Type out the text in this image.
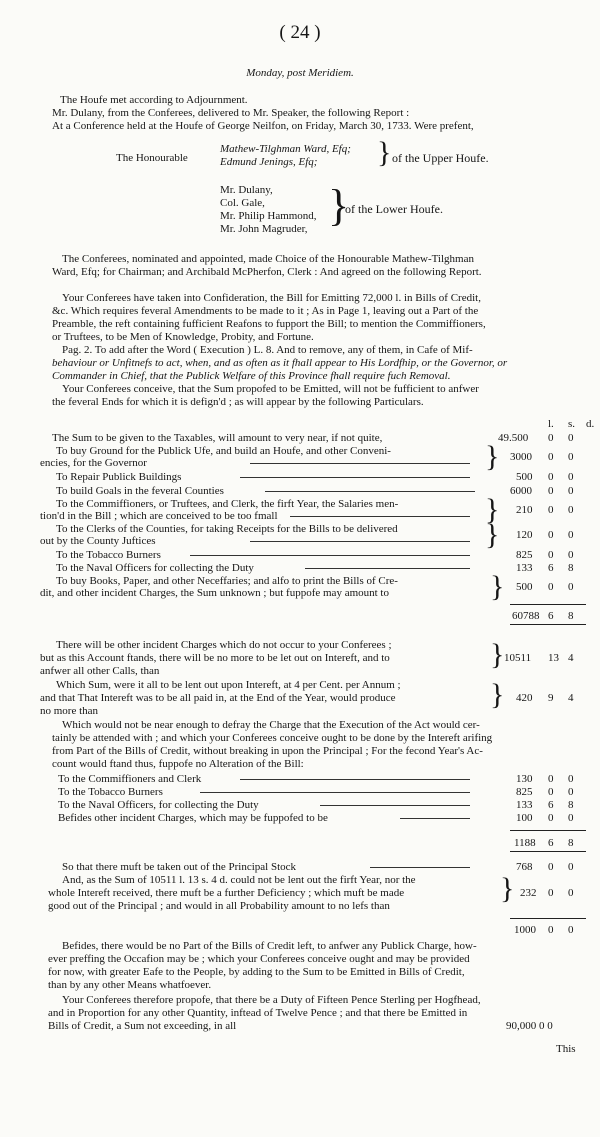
( 24 )
Monday, post Meridiem.
The Houfe met according to Adjournment.
Mr. Dulany, from the Conferees, delivered to Mr. Speaker, the following Report :
At a Conference held at the Houfe of George Neilfon, on Friday, March 30, 1733. Were prefent,
The Honourable
Mathew-Tilghman Ward, Efq;
Edmund Jenings, Efq; } of the Upper Houfe.
Mr. Dulany,
Col. Gale,
Mr. Philip Hammond,
Mr. John Magruder, }
of the Lower Houfe.
The Conferees, nominated and appointed, made Choice of the Honourable Mathew-Tilghman
Ward, Efq; for Chairman; and Archibald McPherfon, Clerk : And agreed on the following Report.
Your Conferees have taken into Confideration, the Bill for Emitting 72,000 l. in Bills of Credit,
&c. Which requires feveral Amendments to be made to it ; As in Page 1, leaving out a Part of the
Preamble, the reft containing fufficient Reafons to fupport the Bill; to mention the Commiffioners,
or Truftees, to be Men of Knowledge, Probity, and Fortune.
Pag. 2. To add after the Word ( Execution ) L. 8. And to remove, any of them, in Cafe of Mif-
behaviour or Unfitnefs to act, when, and as often as it fhall appear to His Lordfhip, or the Governor, or
Commander in Chief, that the Publick Welfare of this Province fhall require fuch Removal.
Your Conferees conceive, that the Sum propofed to be Emitted, will not be fufficient to anfwer
the feveral Ends for which it is defign'd ; as will appear by the following Particulars.
l. s. d.
The Sum to be given to the Taxables, will amount to very near, if not quite,	49.500 0 0
To buy Ground for the Publick Ufe, and build an Houfe, and other Conveni-
encies, for the Governor	} 3000 0 0
To Repair Publick Buildings	500 0 0
To build Goals in the feveral Counties	6000 0 0
To the Commiffioners, or Truftees, and Clerk, the firft Year, the Salaries men-
tion'd in the Bill ; which are conceived to be too fmall	} 210 0 0
To the Clerks of the Counties, for taking Receipts for the Bills to be delivered
out by the County Juftices	} 120 0 0
To the Tobacco Burners	825 0 0
To the Naval Officers for collecting the Duty	133 6 8
To buy Books, Paper, and other Neceffaries; and alfo to print the Bills of Cre-
dit, and other incident Charges, the Sum unknown ; but fuppofe may amount to	} 500 0 0
60788 6 8
There will be other incident Charges which do not occur to your Conferees ;
but as this Account ftands, there will be no more to be let out on Intereft, and to
anfwer all other Calls, than	} 10511 13 4
Which Sum, were it all to be lent out upon Intereft, at 4 per Cent. per Annum ;
and that That Intereft was to be all paid in, at the End of the Year, would produce
no more than	} 420 9 4
Which would not be near enough to defray the Charge that the Execution of the Act would cer-
tainly be attended with ; and which your Conferees conceive ought to be done by the Intereft arifing
from Part of the Bills of Credit, without breaking in upon the Principal ; For the fecond Year's Ac-
count would ftand thus, fuppofe no Alteration of the Bill:
To the Commiffioners and Clerk	130 0 0
To the Tobacco Burners	825 0 0
To the Naval Officers, for collecting the Duty	133 6 8
Befides other incident Charges, which may be fuppofed to be	100 0 0
1188 6 8
So that there muft be taken out of the Principal Stock	768 0 0
And, as the Sum of 10511 l. 13 s. 4 d. could not be lent out the firft Year, nor the
whole Intereft received, there muft be a further Deficiency ; which muft be made
good out of the Principal ; and would in all Probability amount to no lefs than
} 232 0 0
1000 0 0
Befides, there would be no Part of the Bills of Credit left, to anfwer any Publick Charge, how-
ever preffing the Occafion may be ; which your Conferees conceive ought and may be provided
for now, with greater Eafe to the People, by adding to the Sum to be Emitted in Bills of Credit,
than by any other Means whatfoever.
Your Conferees therefore propofe, that there be a Duty of Fifteen Pence Sterling per Hogfhead,
and in Proportion for any other Quantity, inftead of Twelve Pence ; and that there be Emitted in
Bills of Credit, a Sum not exceeding, in all	90,000 0 0
This
